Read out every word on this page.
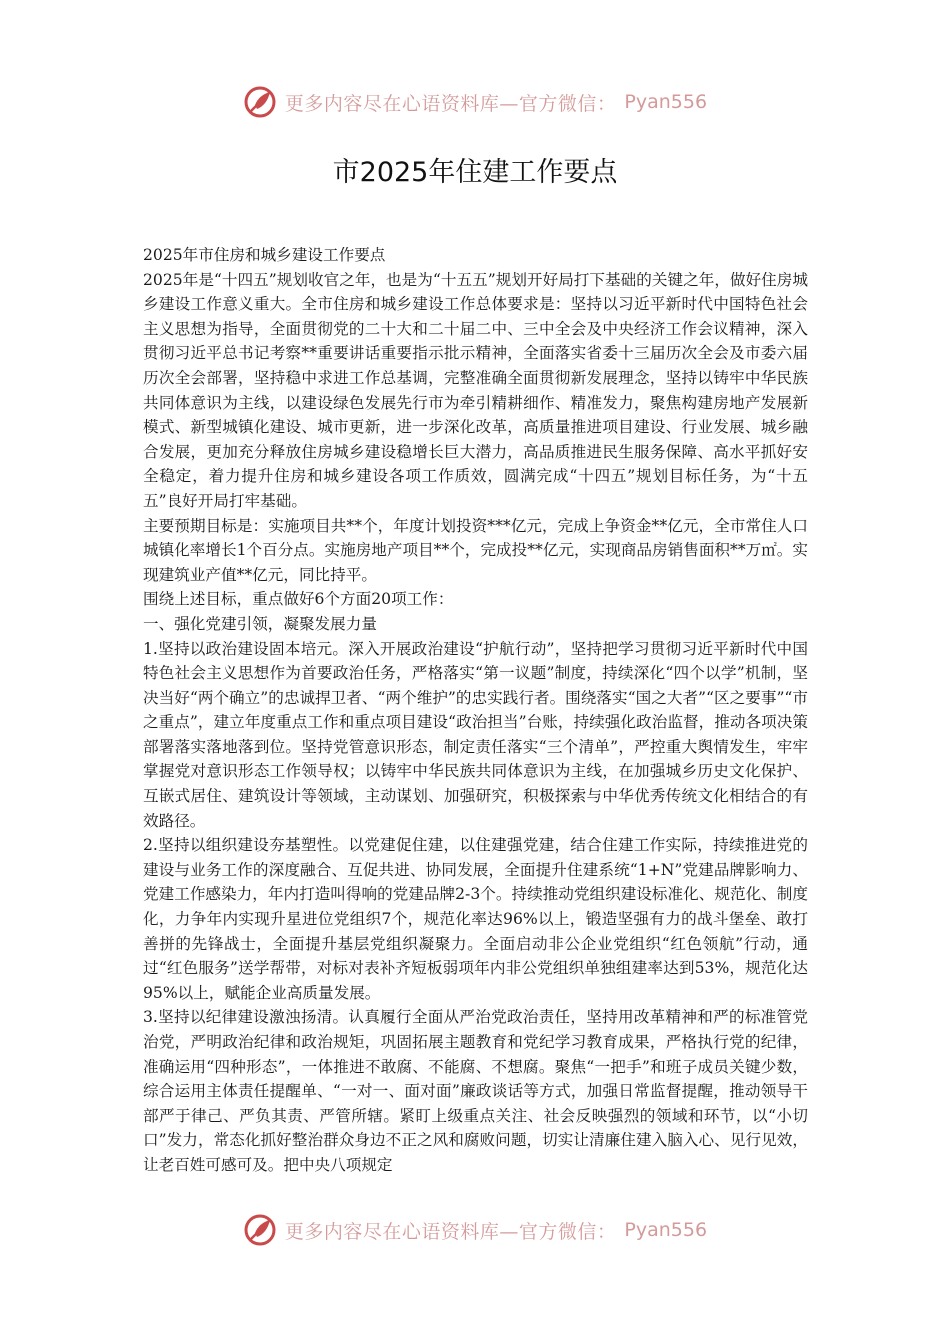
更多内容尽在心语资料库—官方微信： Pyan556
市2025年住建工作要点

2025年市住房和城乡建设工作要点

2025年是“十四五”规划收官之年，也是为“十五五”规划开好局打下基础的关键之年，做好住房城乡建设工作意义重大。全市住房和城乡建设工作总体要求是：坚持以习近平新时代中国特色社会主义思想为指导，全面贯彻党的二十大和二十届二中、三中全会及中央经济工作会议精神，深入贯彻习近平总书记考察**重要讲话重要指示批示精神，全面落实省委十三届历次全会及市委六届历次全会部署，坚持稳中求进工作总基调，完整准确全面贯彻新发展理念，坚持以铸牢中华民族共同体意识为主线，以建设绿色发展先行市为牵引精耕细作、精准发力，聚焦构建房地产发展新模式、新型城镇化建设、城市更新，进一步深化改革，高质量推进项目建设、行业发展、城乡融合发展，更加充分释放住房城乡建设稳增长巨大潜力，高品质推进民生服务保障、高水平抓好安全稳定，着力提升住房和城乡建设各项工作质效，圆满完成“十四五”规划目标任务，为“十五五”良好开局打牢基础。

主要预期目标是：实施项目共**个，年度计划投资***亿元，完成上争资金**亿元，全市常住人口城镇化率增长1个百分点。实施房地产项目**个，完成投**亿元，实现商品房销售面积**万㎡。实现建筑业产值**亿元，同比持平。

围绕上述目标，重点做好6个方面20项工作：

一、强化党建引领，凝聚发展力量

1.坚持以政治建设固本培元。深入开展政治建设“护航行动”，坚持把学习贯彻习近平新时代中国特色社会主义思想作为首要政治任务，严格落实“第一议题”制度，持续深化“四个以学”机制，坚决当好“两个确立”的忠诚捍卫者、“两个维护”的忠实践行者。围绕落实“国之大者”“区之要事”“市之重点”，建立年度重点工作和重点项目建设“政治担当”台账，持续强化政治监督，推动各项决策部署落实落地落到位。坚持党管意识形态，制定责任落实“三个清单”，严控重大舆情发生，牢牢掌握党对意识形态工作领导权；以铸牢中华民族共同体意识为主线，在加强城乡历史文化保护、互嵌式居住、建筑设计等领域，主动谋划、加强研究，积极探索与中华优秀传统文化相结合的有效路径。

2.坚持以组织建设夯基塑性。以党建促住建，以住建强党建，结合住建工作实际，持续推进党的建设与业务工作的深度融合、互促共进、协同发展，全面提升住建系统“1+N”党建品牌影响力、党建工作感染力，年内打造叫得响的党建品牌2-3个。持续推动党组织建设标准化、规范化、制度化，力争年内实现升星进位党组织7个，规范化率达96%以上，锻造坚强有力的战斗堡垒、敢打善拼的先锋战士，全面提升基层党组织凝聚力。全面启动非公企业党组织“红色领航”行动，通过“红色服务”送学帮带，对标对表补齐短板弱项年内非公党组织单独组建率达到53%，规范化达95%以上，赋能企业高质量发展。

3.坚持以纪律建设激浊扬清。认真履行全面从严治党政治责任，坚持用改革精神和严的标准管党治党，严明政治纪律和政治规矩，巩固拓展主题教育和党纪学习教育成果，严格执行党的纪律，准确运用“四种形态”，一体推进不敢腐、不能腐、不想腐。聚焦“一把手”和班子成员关键少数，综合运用主体责任提醒单、“一对一、面对面”廉政谈话等方式，加强日常监督提醒，推动领导干部严于律己、严负其责、严管所辖。紧盯上级重点关注、社会反映强烈的领域和环节，以“小切口”发力，常态化抓好整治群众身边不正之风和腐败问题，切实让清廉住建入脑入心、见行见效，让老百姓可感可及。把中央八项规定

更多内容尽在心语资料库—官方微信： Pyan556
